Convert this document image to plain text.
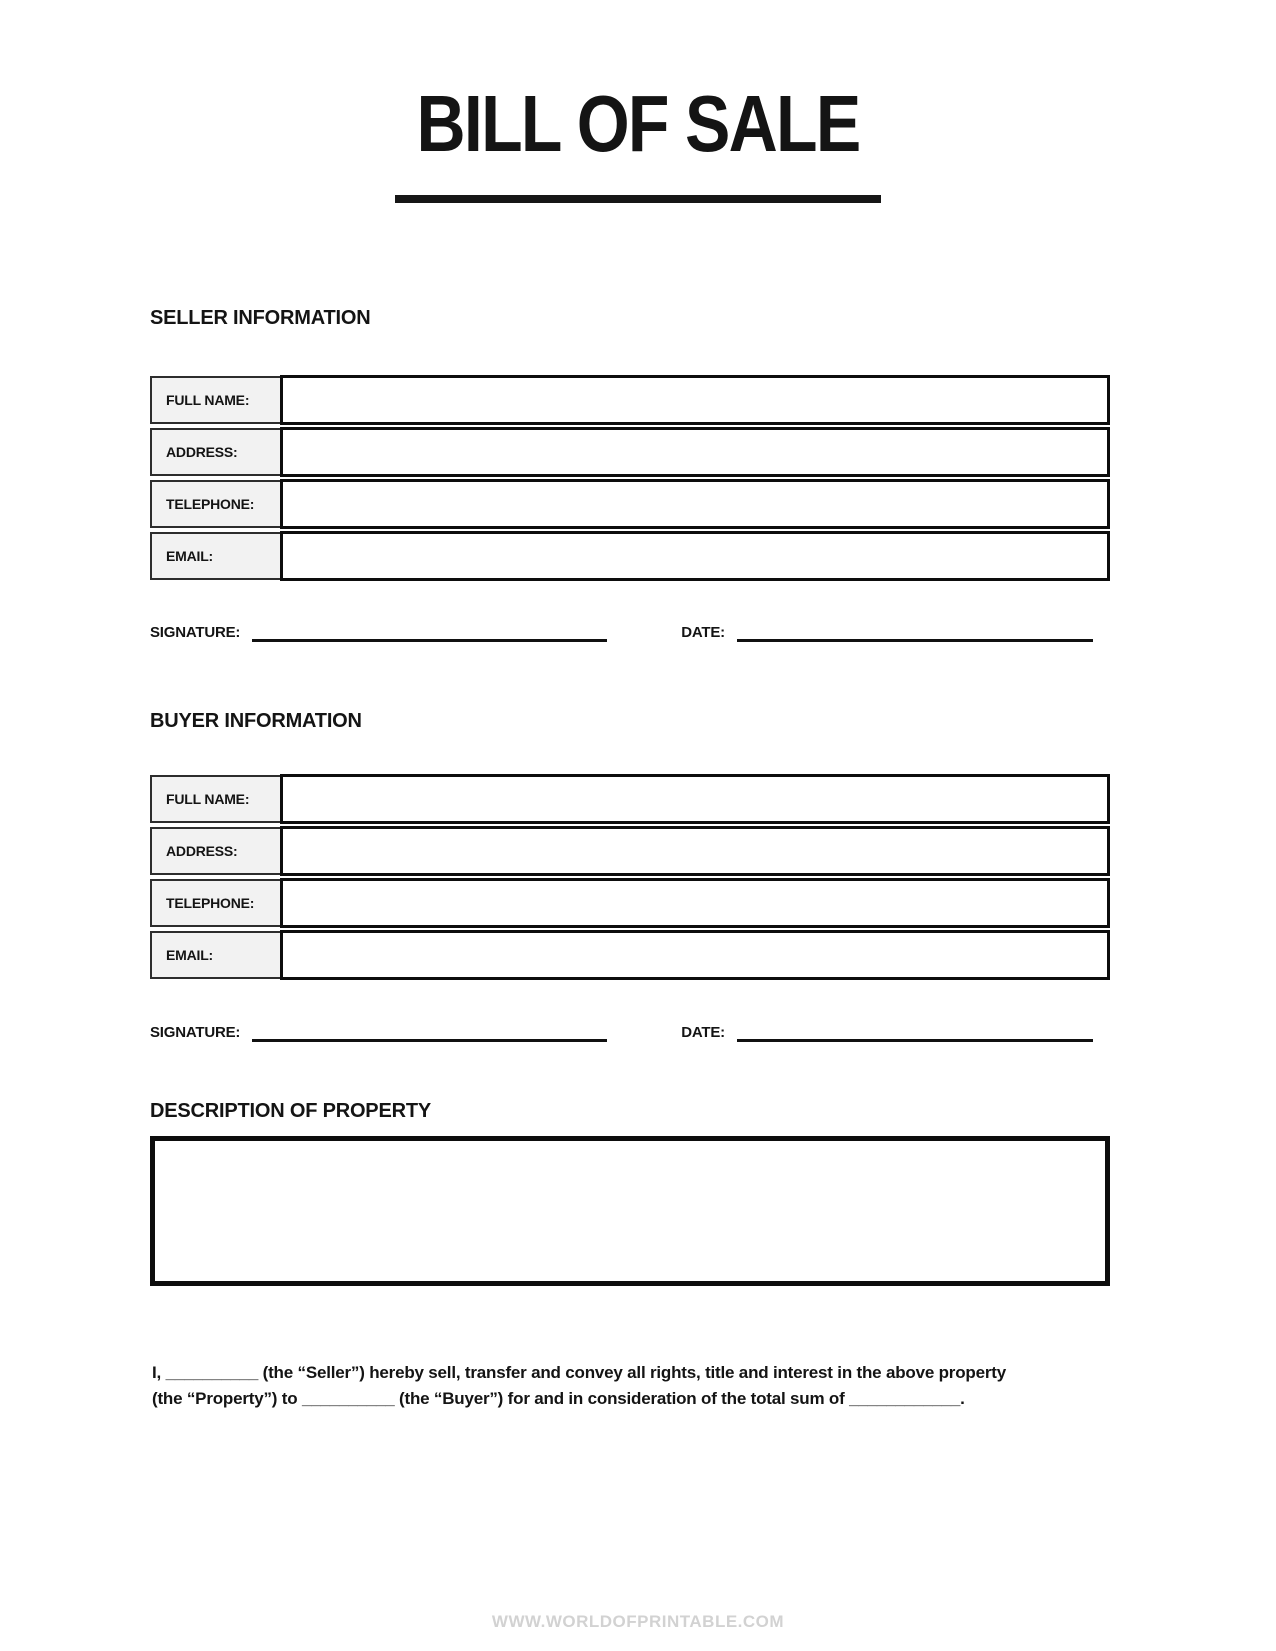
BILL OF SALE
SELLER INFORMATION
FULL NAME:
ADDRESS:
TELEPHONE:
EMAIL:
SIGNATURE:	DATE:
BUYER INFORMATION
FULL NAME:
ADDRESS:
TELEPHONE:
EMAIL:
SIGNATURE:	DATE:
DESCRIPTION OF PROPERTY

I, __________ (the “Seller”) hereby sell, transfer and convey all rights, title and interest in the above property
(the “Property”) to __________ (the “Buyer”) for and in consideration of the total sum of ____________.

WWW.WORLDOFPRINTABLE.COM
